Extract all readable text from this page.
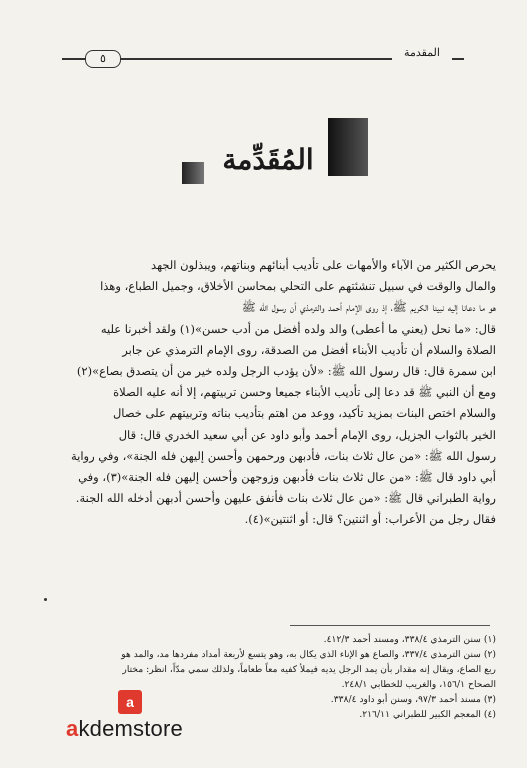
المقدمة
٥
المُقَدِّمة

يحرص الكثير من الآباء والأمهات على تأديب أبنائهم وبناتهم، ويبذلون الجهد

والمال والوقت في سبيل تنشئتهم على التحلي بمحاسن الأخلاق، وجميل الطباع، وهذا

هو ما دعانا إليه نبينا الكريم ﷺ، إذ روى الإمام أحمد والترمذي أن رسول الله ﷺ

قال: «ما نحل (يعني ما أعطى) والد ولده أفضل من أدب حسن»(١) ولقد أخبرنا عليه

الصلاة والسلام أن تأديب الأبناء أفضل من الصدقة، روى الإمام الترمذي عن جابر

ابن سمرة قال: قال رسول الله ﷺ: «لأن يؤدب الرجل ولده خير من أن يتصدق بصاع»(٢)

ومع أن النبي ﷺ قد دعا إلى تأديب الأبناء جميعا وحسن تربيتهم، إلا أنه عليه الصلاة

والسلام اختص البنات بمزيد تأكيد، ووعد من اهتم بتأديب بناته وتربيتهم على خصال

الخير بالثواب الجزيل، روى الإمام أحمد وأبو داود عن أبي سعيد الخدري قال: قال

رسول الله ﷺ: «من عال ثلاث بنات، فأدبهن ورحمهن وأحسن إليهن فله الجنة»، وفي رواية

أبي داود قال ﷺ: «من عال ثلاث بنات فأدبهن وزوجهن وأحسن إليهن فله الجنة»(٣)، وفي

رواية الطبراني قال ﷺ: «من عال ثلاث بنات فأنفق عليهن وأحسن أدبهن أدخله الله الجنة.

فقال رجل من الأعراب: أو اثنتين؟ قال: أو اثنتين»(٤).

(١) سنن الترمذي ٣٣٨/٤، ومسند أحمد ٤١٢/٣.
(٢) سنن الترمذي ٣٣٧/٤، والصاع هو الإناء الذي يكال به، وهو يتسع لأربعة أمداد مفردها مد، والمد هو
ربع الصاع، ويقال إنه مقدار بأن يمد الرجل يديه فيملأ كفيه معاً طعاماً، ولذلك سمي مدّاً، انظر: مختار
الصحاح ١٥٦/١، والغريب للخطابي ٢٤٨/١.
(٣) مسند أحمد ٩٧/٣، وسنن أبو داود ٣٣٨/٤.
(٤) المعجم الكبير للطبراني ٢١٦/١١.
a
akdemstore
